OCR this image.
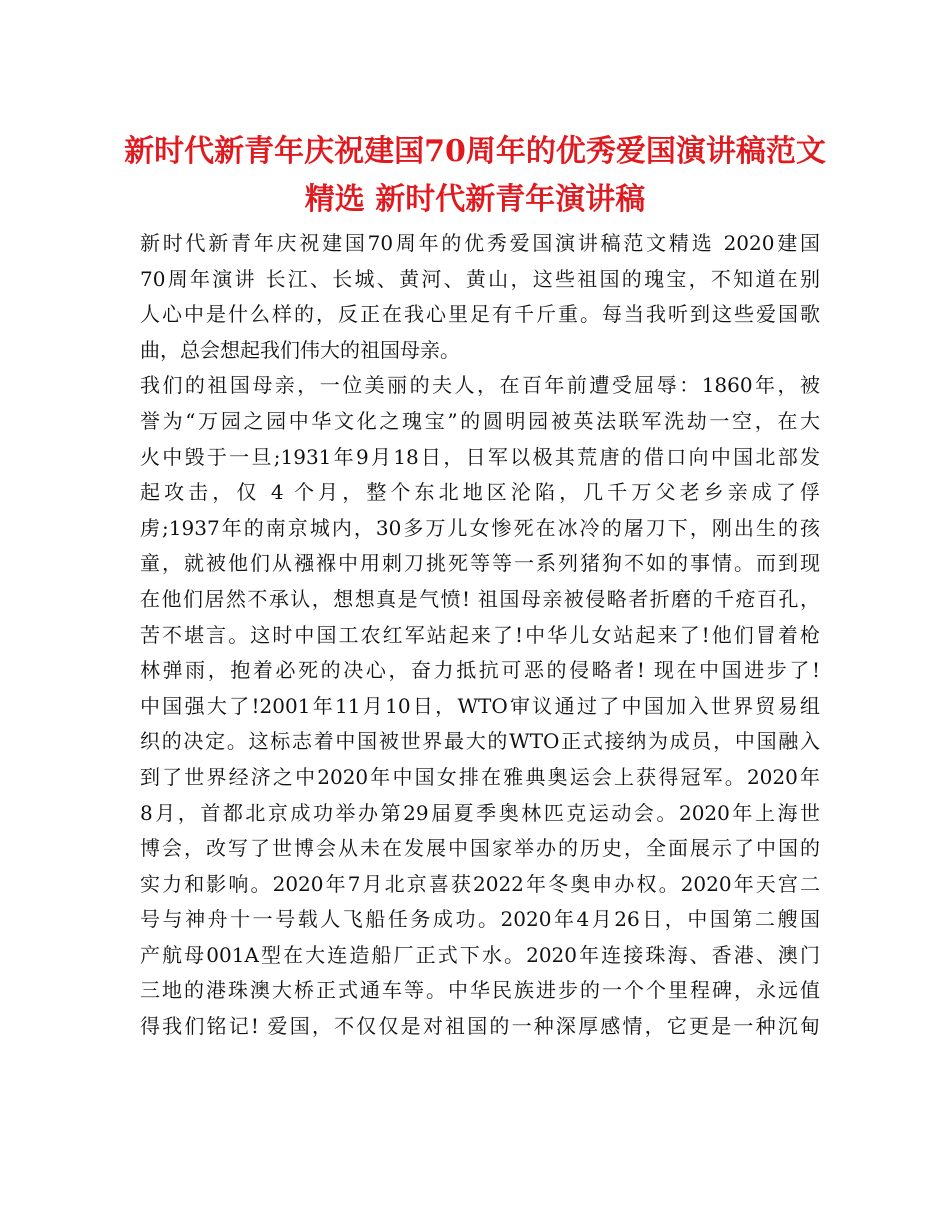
新时代新青年庆祝建国70周年的优秀爱国演讲稿范文
精选 新时代新青年演讲稿
新时代新青年庆祝建国70周年的优秀爱国演讲稿范文精选 2020建国
70周年演讲 长江、长城、黄河、黄山，这些祖国的瑰宝，不知道在别
人心中是什么样的，反正在我心里足有千斤重。每当我听到这些爱国歌
曲，总会想起我们伟大的祖国母亲。
我们的祖国母亲，一位美丽的夫人，在百年前遭受屈辱：1860年，被
誉为“万园之园中华文化之瑰宝”的圆明园被英法联军洗劫一空，在大
火中毁于一旦;1931年9月18日，日军以极其荒唐的借口向中国北部发
起攻击，仅 4 个月，整个东北地区沦陷，几千万父老乡亲成了俘
虏;1937年的南京城内，30多万儿女惨死在冰冷的屠刀下，刚出生的孩
童，就被他们从襁褓中用刺刀挑死等等一系列猪狗不如的事情。而到现
在他们居然不承认，想想真是气愤! 祖国母亲被侵略者折磨的千疮百孔，
苦不堪言。这时中国工农红军站起来了!中华儿女站起来了!他们冒着枪
林弹雨，抱着必死的决心，奋力抵抗可恶的侵略者! 现在中国进步了!
中国强大了!2001年11月10日，WTO审议通过了中国加入世界贸易组
织的决定。这标志着中国被世界最大的WTO正式接纳为成员，中国融入
到了世界经济之中2020年中国女排在雅典奥运会上获得冠军。2020年
8月，首都北京成功举办第29届夏季奥林匹克运动会。2020年上海世
博会，改写了世博会从未在发展中国家举办的历史，全面展示了中国的
实力和影响。2020年7月北京喜获2022年冬奥申办权。2020年天宫二
号与神舟十一号载人飞船任务成功。2020年4月26日，中国第二艘国
产航母001A型在大连造船厂正式下水。2020年连接珠海、香港、澳门
三地的港珠澳大桥正式通车等。中华民族进步的一个个里程碑，永远值
得我们铭记! 爱国，不仅仅是对祖国的一种深厚感情，它更是一种沉甸
